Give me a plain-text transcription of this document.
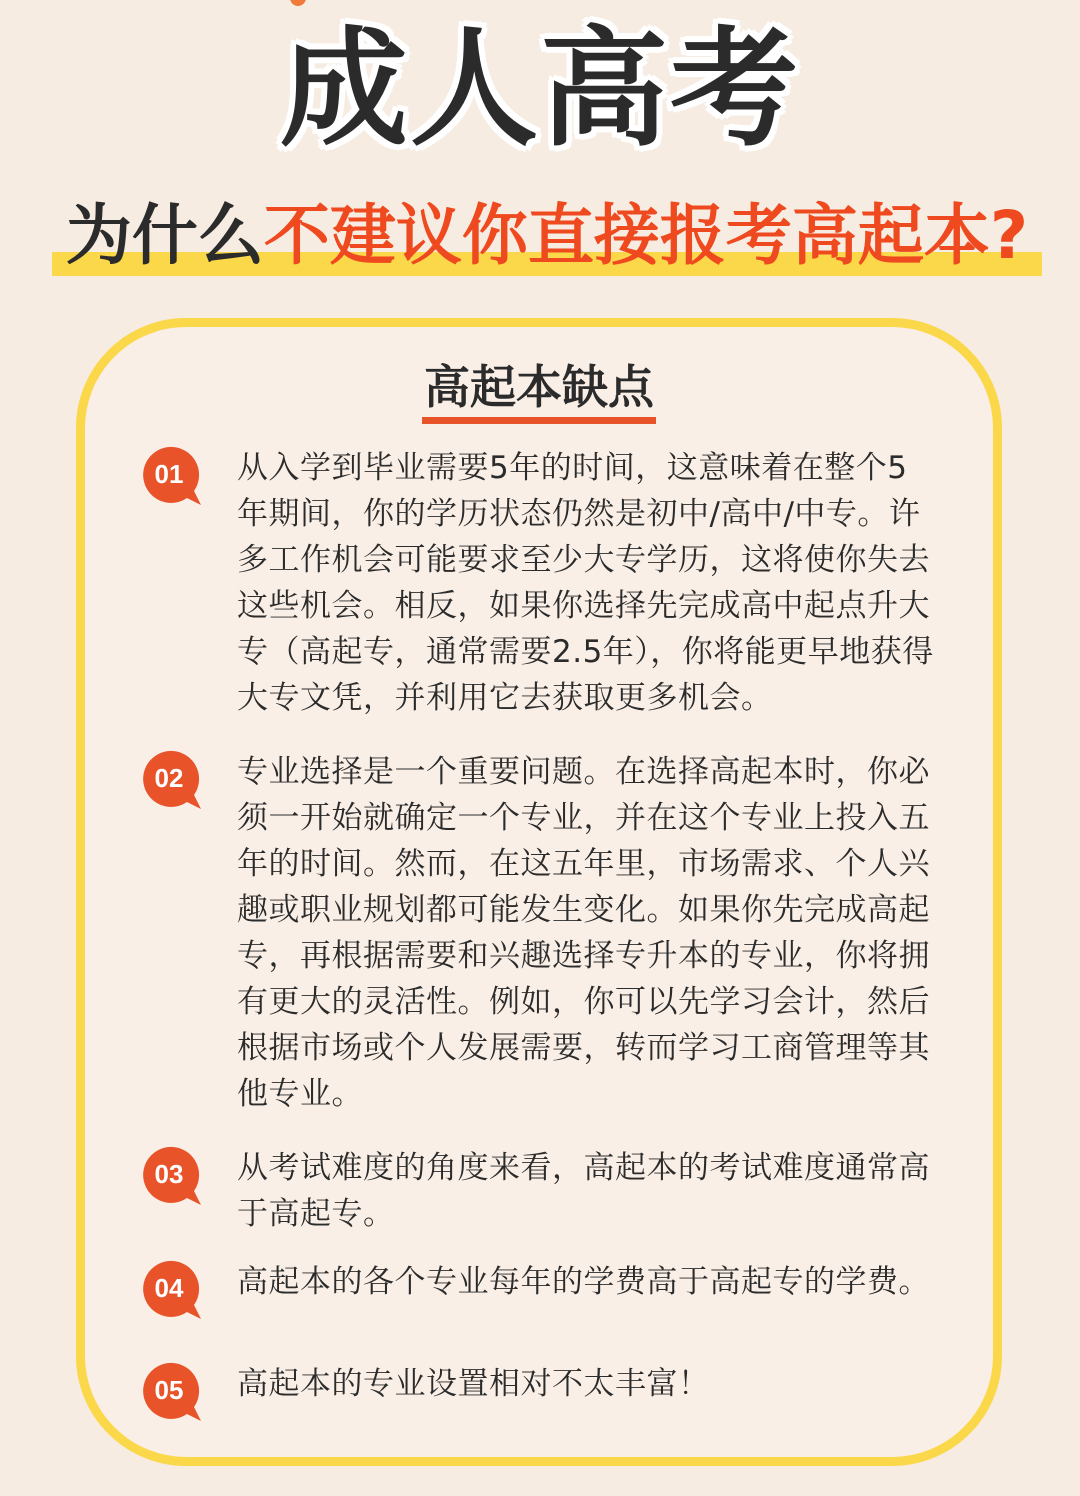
成人高考
为什么不建议你直接报考高起本?
高起本缺点
01	从入学到毕业需要5年的时间，这意味着在整个5年期间，你的学历状态仍然是初中/高中/中专。许多工作机会可能要求至少大专学历，这将使你失去这些机会。相反，如果你选择先完成高中起点升大专（高起专，通常需要2.5年），你将能更早地获得大专文凭，并利用它去获取更多机会。
02	专业选择是一个重要问题。在选择高起本时，你必须一开始就确定一个专业，并在这个专业上投入五年的时间。然而，在这五年里，市场需求、个人兴趣或职业规划都可能发生变化。如果你先完成高起专，再根据需要和兴趣选择专升本的专业，你将拥有更大的灵活性。例如，你可以先学习会计，然后根据市场或个人发展需要，转而学习工商管理等其他专业。
03	从考试难度的角度来看，高起本的考试难度通常高于高起专。
04	高起本的各个专业每年的学费高于高起专的学费。
05	高起本的专业设置相对不太丰富！
